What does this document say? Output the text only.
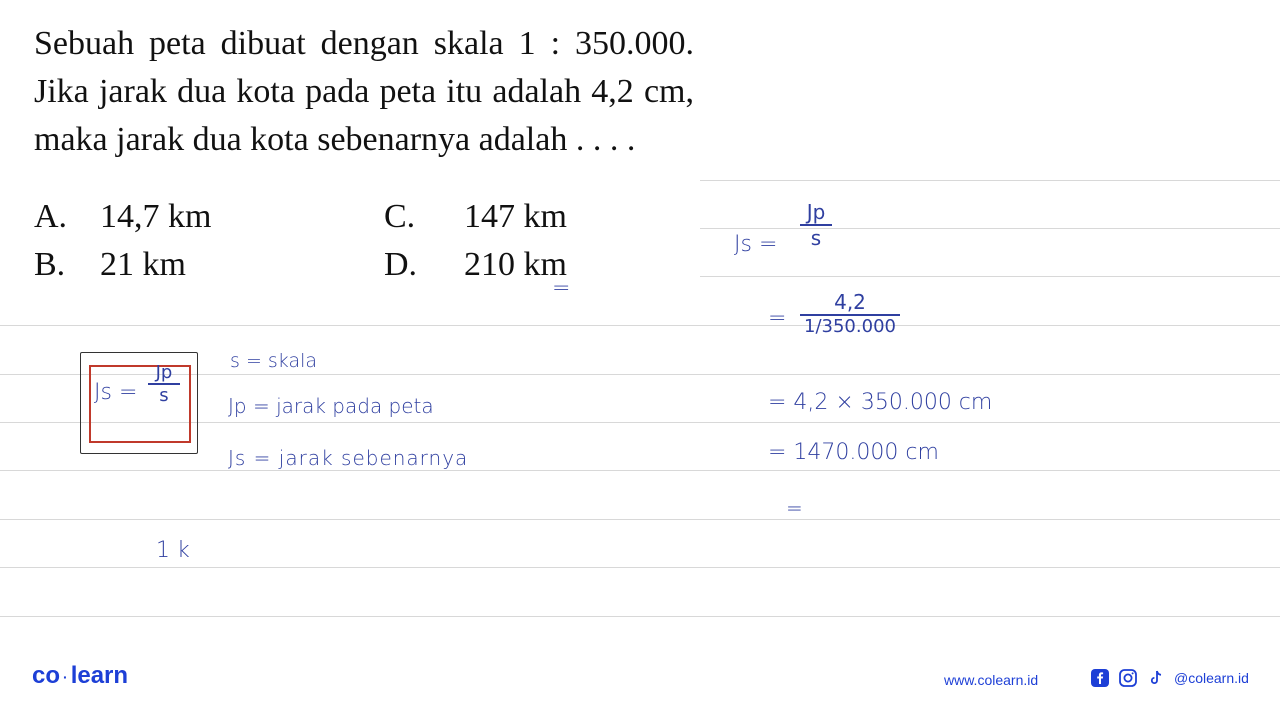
Sebuah peta dibuat dengan skala 1 : 350.000. Jika jarak dua kota pada peta itu adalah 4,2 cm, maka jarak dua kota sebenarnya adalah . . . .
A. 14,7 km
B. 21 km
C. 147 km
D. 210 km
=
Js =
Jp
s
s = skala
Jp = jarak pada peta
Js = jarak sebenarnya
1 k
Js =
Jp
s
=
4,2
1/350.000
= 4,2 × 350.000 cm
= 1470.000 cm
=
co · learn	www.colearn.id	@colearn.id
